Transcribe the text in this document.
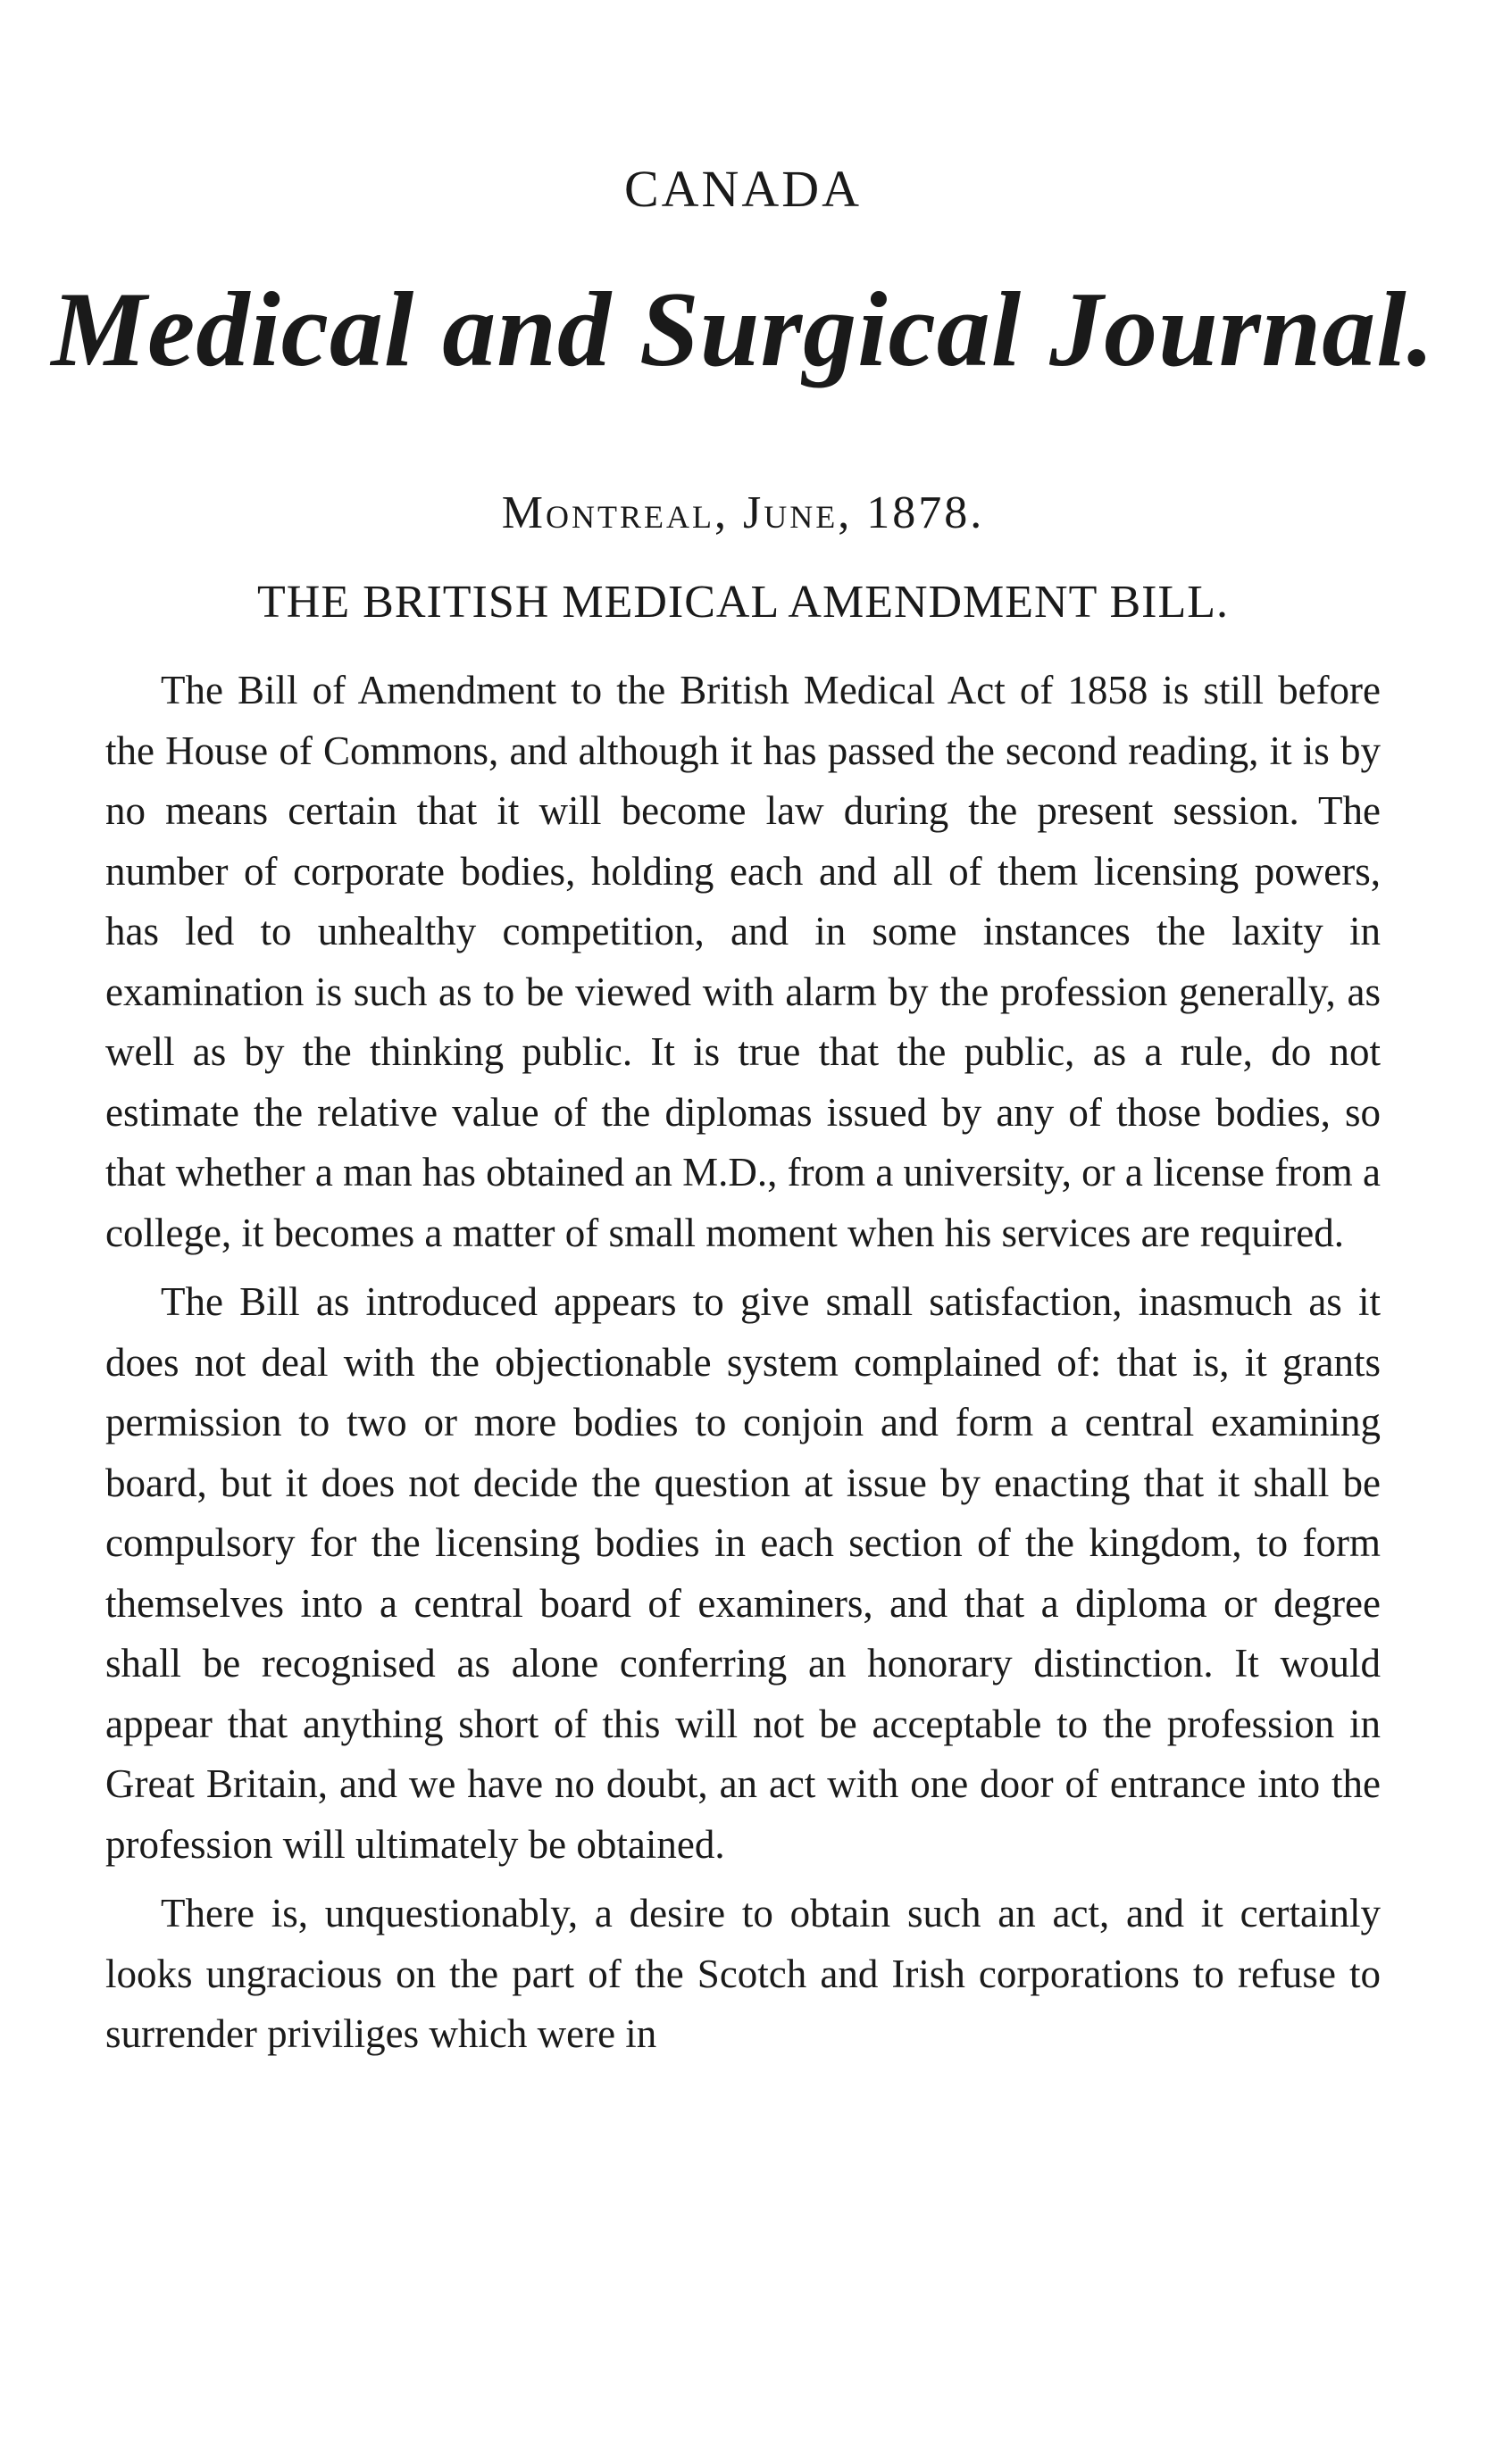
CANADA
Medical and Surgical Journal.
Montreal, June, 1878.
THE BRITISH MEDICAL AMENDMENT BILL.

The Bill of Amendment to the British Medical Act of 1858 is still before the House of Commons, and although it has passed the second reading, it is by no means certain that it will become law during the present session. The number of corporate bodies, holding each and all of them licensing powers, has led to unhealthy competition, and in some instances the laxity in examination is such as to be viewed with alarm by the profession generally, as well as by the thinking public. It is true that the public, as a rule, do not estimate the relative value of the diplomas issued by any of those bodies, so that whether a man has obtained an M.D., from a university, or a license from a college, it becomes a matter of small moment when his services are required.

The Bill as introduced appears to give small satisfaction, inasmuch as it does not deal with the objectionable system complained of: that is, it grants permission to two or more bodies to conjoin and form a central examining board, but it does not decide the question at issue by enacting that it shall be compulsory for the licensing bodies in each section of the kingdom, to form themselves into a central board of examiners, and that a diploma or degree shall be recognised as alone conferring an honorary distinction. It would appear that anything short of this will not be acceptable to the profession in Great Britain, and we have no doubt, an act with one door of entrance into the profession will ultimately be obtained.

There is, unquestionably, a desire to obtain such an act, and it certainly looks ungracious on the part of the Scotch and Irish corporations to refuse to surrender priviliges which were in
